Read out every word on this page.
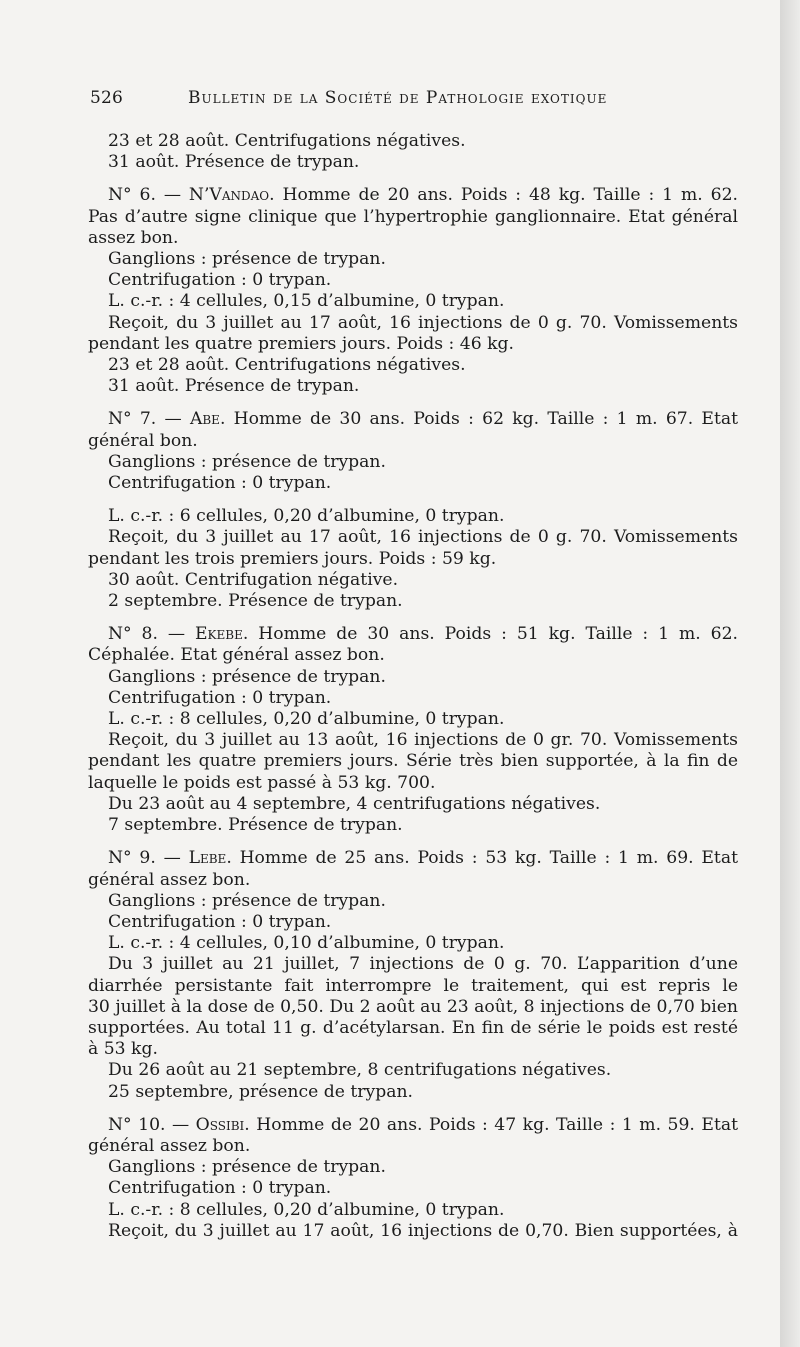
526	Bulletin de la Société de Pathologie exotique

23 et 28 août. Centrifugations négatives.

31 août. Présence de trypan.

N° 6. — N’Vandao. Homme de 20 ans. Poids : 48 kg. Taille : 1 m. 62.

Pas d’autre signe clinique que l’hypertrophie ganglionnaire. Etat général

assez bon.

Ganglions : présence de trypan.

Centrifugation : 0 trypan.

L. c.-r. : 4 cellules, 0,15 d’albumine, 0 trypan.

Reçoit, du 3 juillet au 17 août, 16 injections de 0 g. 70. Vomissements

pendant les quatre premiers jours. Poids : 46 kg.

23 et 28 août. Centrifugations négatives.

31 août. Présence de trypan.

N° 7. — Abe. Homme de 30 ans. Poids : 62 kg. Taille : 1 m. 67. Etat

général bon.

Ganglions : présence de trypan.

Centrifugation : 0 trypan.

L. c.-r. : 6 cellules, 0,20 d’albumine, 0 trypan.

Reçoit, du 3 juillet au 17 août, 16 injections de 0 g. 70. Vomissements

pendant les trois premiers jours. Poids : 59 kg.

30 août. Centrifugation négative.

2 septembre. Présence de trypan.

N° 8. — Ekebe. Homme de 30 ans. Poids : 51 kg. Taille : 1 m. 62.

Céphalée. Etat général assez bon.

Ganglions : présence de trypan.

Centrifugation : 0 trypan.

L. c.-r. : 8 cellules, 0,20 d’albumine, 0 trypan.

Reçoit, du 3 juillet au 13 août, 16 injections de 0 gr. 70. Vomissements

pendant les quatre premiers jours. Série très bien supportée, à la fin de

laquelle le poids est passé à 53 kg. 700.

Du 23 août au 4 septembre, 4 centrifugations négatives.

7 septembre. Présence de trypan.

N° 9. — Lebe. Homme de 25 ans. Poids : 53 kg. Taille : 1 m. 69. Etat

général assez bon.

Ganglions : présence de trypan.

Centrifugation : 0 trypan.

L. c.-r. : 4 cellules, 0,10 d’albumine, 0 trypan.

Du 3 juillet au 21 juillet, 7 injections de 0 g. 70. L’apparition d’une

diarrhée persistante fait interrompre le traitement, qui est repris le

30 juillet à la dose de 0,50. Du 2 août au 23 août, 8 injections de 0,70 bien

supportées. Au total 11 g. d’acétylarsan. En fin de série le poids est resté

à 53 kg.

Du 26 août au 21 septembre, 8 centrifugations négatives.

25 septembre, présence de trypan.

N° 10. — Ossibi. Homme de 20 ans. Poids : 47 kg. Taille : 1 m. 59. Etat

général assez bon.

Ganglions : présence de trypan.

Centrifugation : 0 trypan.

L. c.-r. : 8 cellules, 0,20 d’albumine, 0 trypan.

Reçoit, du 3 juillet au 17 août, 16 injections de 0,70. Bien supportées, à
